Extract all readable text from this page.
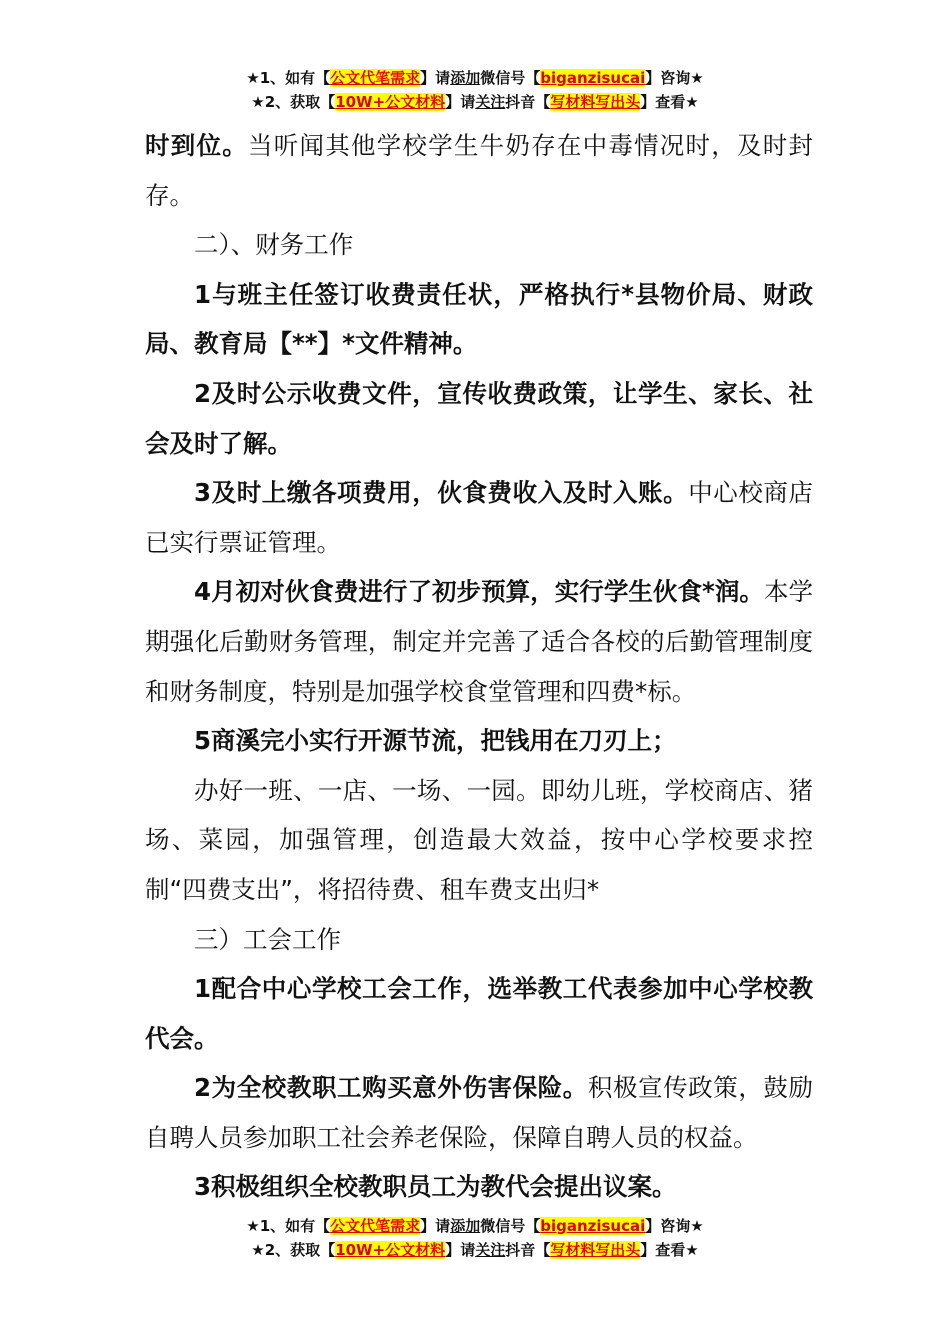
★1、如有【公文代笔需求】请添加微信号【biganzisucai】咨询★
★2、获取【10W+公文材料】请关注抖音【写材料写出头】查看★

时到位。当听闻其他学校学生牛奶存在中毒情况时，及时封存。

二）、财务工作

1与班主任签订收费责任状，严格执行*县物价局、财政局、教育局【**】*文件精神。

2及时公示收费文件，宣传收费政策，让学生、家长、社会及时了解。

3及时上缴各项费用，伙食费收入及时入账。中心校商店已实行票证管理。

4月初对伙食费进行了初步预算，实行学生伙食*润。本学期强化后勤财务管理，制定并完善了适合各校的后勤管理制度和财务制度，特别是加强学校食堂管理和四费*标。

5商溪完小实行开源节流，把钱用在刀刃上；

办好一班、一店、一场、一园。即幼儿班，学校商店、猪场、菜园，加强管理，创造最大效益，按中心学校要求控制“四费支出”，将招待费、租车费支出归*

三）工会工作

1配合中心学校工会工作，选举教工代表参加中心学校教代会。

2为全校教职工购买意外伤害保险。积极宣传政策，鼓励自聘人员参加职工社会养老保险，保障自聘人员的权益。

3积极组织全校教职员工为教代会提出议案。

★1、如有【公文代笔需求】请添加微信号【biganzisucai】咨询★
★2、获取【10W+公文材料】请关注抖音【写材料写出头】查看★
